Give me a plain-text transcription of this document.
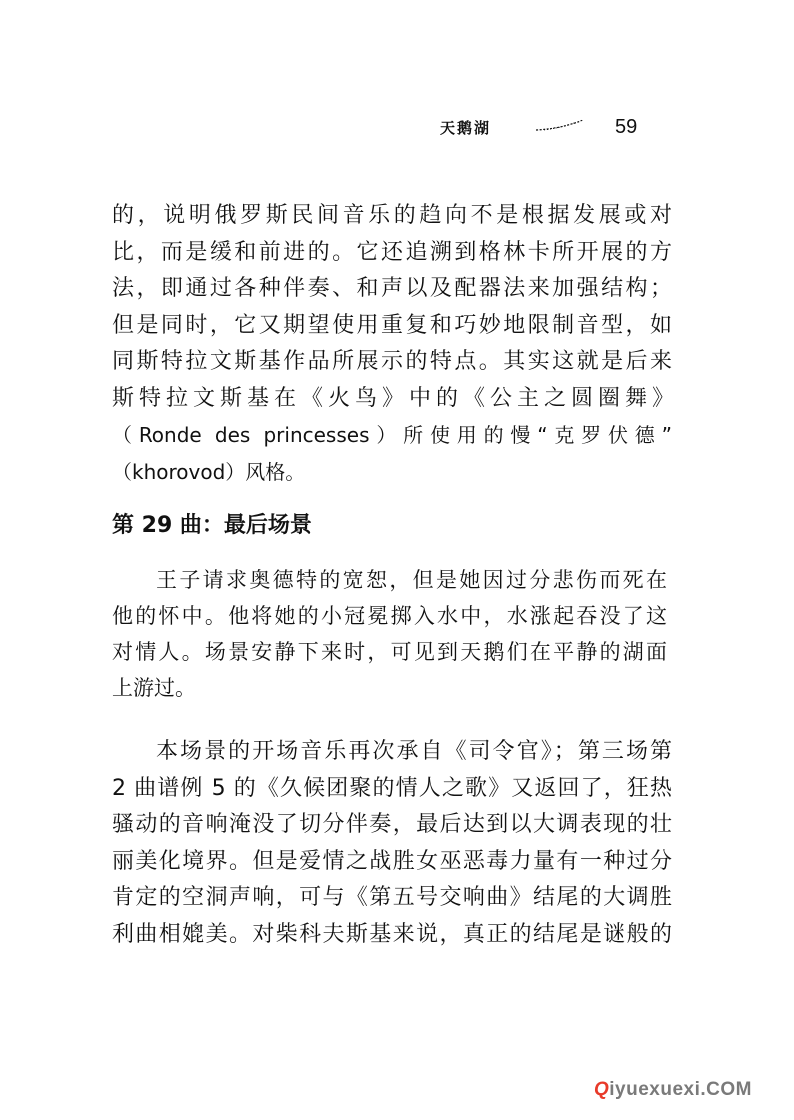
天鹅湖	59
的，说明俄罗斯民间音乐的趋向不是根据发展或对
比，而是缓和前进的。它还追溯到格林卡所开展的方
法，即通过各种伴奏、和声以及配器法来加强结构；
但是同时，它又期望使用重复和巧妙地限制音型，如
同斯特拉文斯基作品所展示的特点。其实这就是后来
斯特拉文斯基在《火鸟》中的《公主之圆圈舞》
（Ronde des princesses）所使用的慢“克罗伏德”
（khorovod）风格。
第 29 曲：最后场景
王子请求奥德特的宽恕，但是她因过分悲伤而死在
他的怀中。他将她的小冠冕掷入水中，水涨起吞没了这
对情人。场景安静下来时，可见到天鹅们在平静的湖面
上游过。
本场景的开场音乐再次承自《司令官》；第三场第
2 曲谱例 5 的《久候团聚的情人之歌》又返回了，狂热
骚动的音响淹没了切分伴奏，最后达到以大调表现的壮
丽美化境界。但是爱情之战胜女巫恶毒力量有一种过分
肯定的空洞声响，可与《第五号交响曲》结尾的大调胜
利曲相媲美。对柴科夫斯基来说，真正的结尾是谜般的
Qiyuexuexi.COM
